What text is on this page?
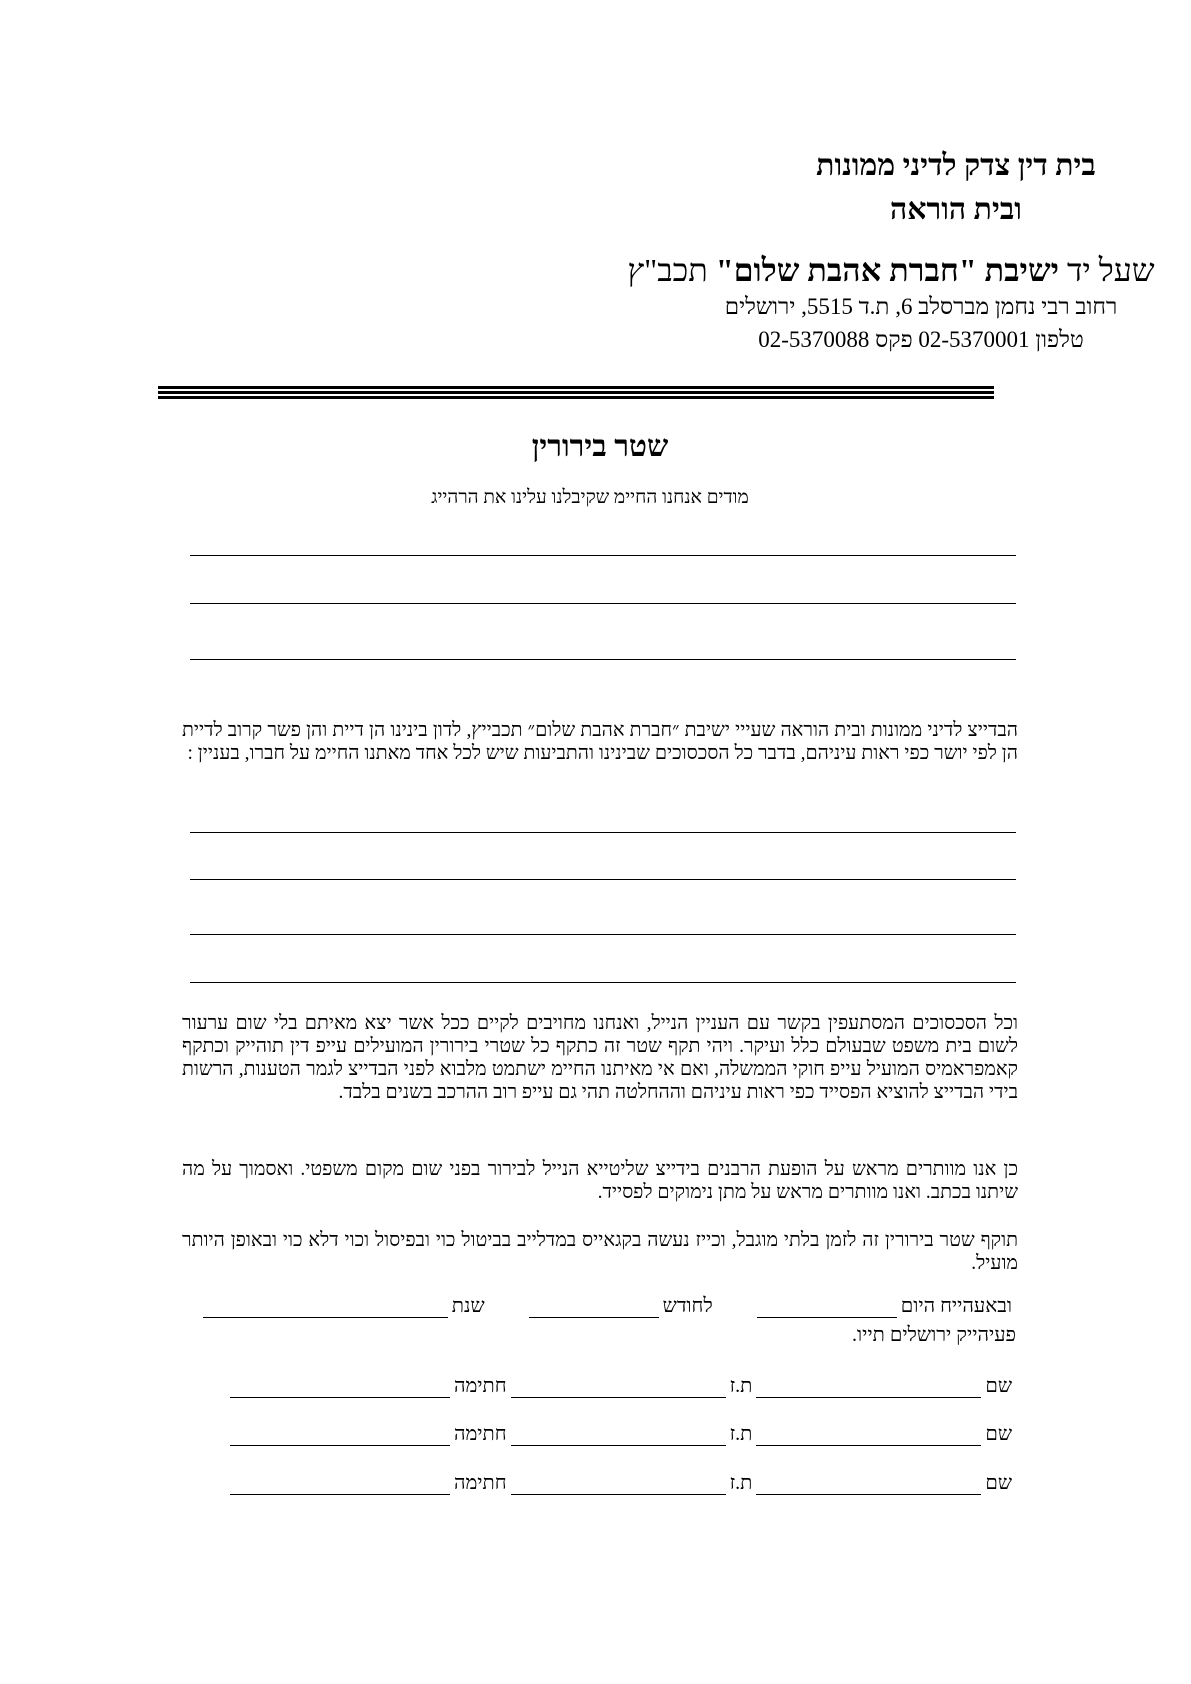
בית דין צדק לדיני ממונות
ובית הוראה
שעל יד ישיבת "חברת אהבת שלום" תכב"ץ
רחוב רבי נחמן מברסלב 6, ת.ד 5515, ירושלים
טלפון 02-5370001 פקס 02-5370088
שטר בירורין
מודים אנחנו החיימ שקיבלנו עלינו את הרהייג
הבדייצ לדיני ממונות ובית הוראה שעייי ישיבת ״חברת אהבת שלום״ תכבייץ, לדון בינינו הן דיית והן פשר קרוב לדיית הן לפי יושר כפי ראות עיניהם, בדבר כל הסכסוכים שבינינו והתביעות שיש לכל אחד מאתנו החיימ על חברו, בעניין :
וכל הסכסוכים המסתעפין בקשר עם העניין הנייל, ואנחנו מחויבים לקיים ככל אשר יצא מאיתם בלי שום ערעור לשום בית משפט שבעולם כלל ועיקר. ויהי תקף שטר זה כתקף כל שטרי בירורין המועילים עייפ דין תוהייק וכתקף קאמפראמיס המועיל עייפ חוקי הממשלה, ואם אי מאיתנו החיימ ישתמט מלבוא לפני הבדייצ לגמר הטענות, הרשות בידי הבדייצ להוציא הפסייד כפי ראות עיניהם וההחלטה תהי גם עייפ רוב ההרכב בשנים בלבד.
כן אנו מוותרים מראש על הופעת הרבנים בידייצ שליטייא הנייל לבירור בפני שום מקום משפטי. ואסמוך על מה שיתנו בכתב. ואנו מוותרים מראש על מתן נימוקים לפסייד.
תוקף שטר בירורין זה לזמן בלתי מוגבל, וכייז נעשה בקגאייס במדלייב בביטול כוי ובפיסול וכוי דלא כוי ובאופן היותר מועיל.
ובאעהייח היום
לחודש
שנת
פעיהייק ירושלים תייו.
שם
ת.ז
חתימה
שם
ת.ז
חתימה
שם
ת.ז
חתימה
